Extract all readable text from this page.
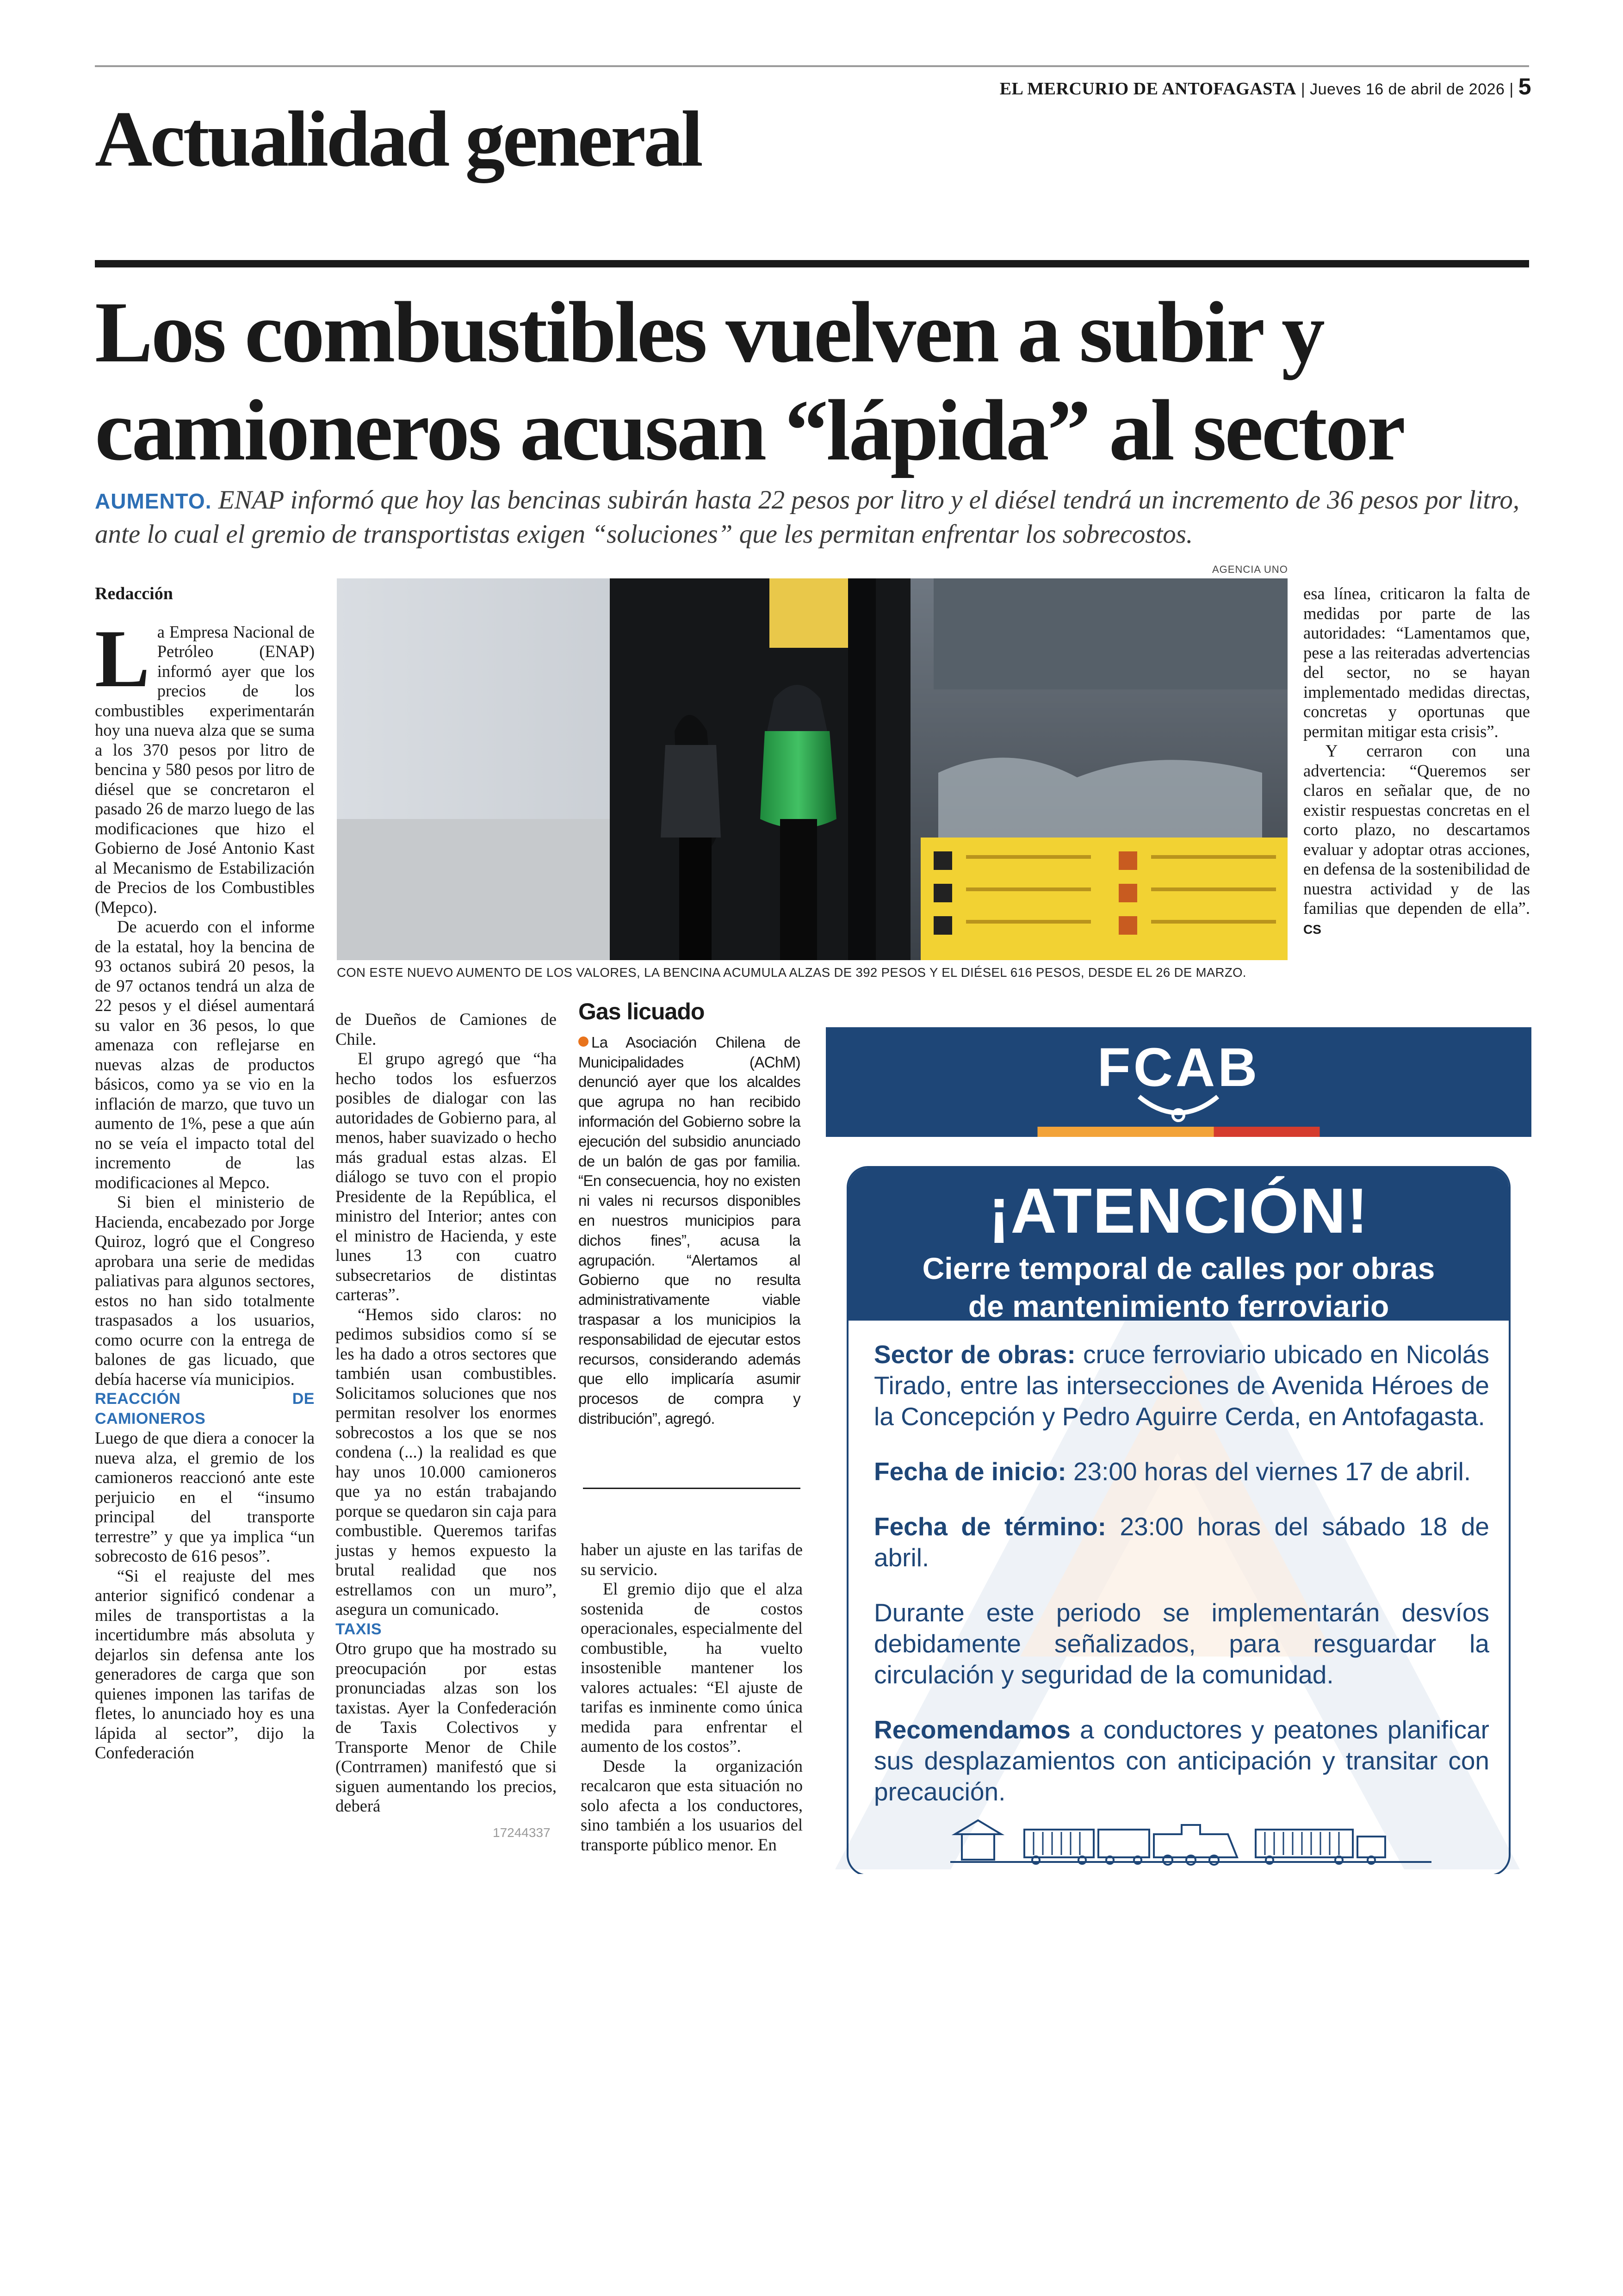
EL MERCURIO DE ANTOFAGASTA | Jueves 16 de abril de 2026 | 5
Actualidad general
Los combustibles vuelven a subir y camioneros acusan “lápida” al sector

AUMENTO. ENAP informó que hoy las bencinas subirán hasta 22 pesos por litro y el diésel tendrá un incremento de 36 pesos por litro, ante lo cual el gremio de transportistas exigen “soluciones” que les permitan enfrentar los sobrecostos.

Redacción

La Empresa Nacional de Petróleo (ENAP) informó ayer que los precios de los combustibles experimentarán hoy una nueva alza que se suma a los 370 pesos por litro de bencina y 580 pesos por litro de diésel que se concretaron el pasado 26 de marzo luego de las modificaciones que hizo el Gobierno de José Antonio Kast al Mecanismo de Estabilización de Precios de los Combustibles (Mepco).

De acuerdo con el informe de la estatal, hoy la bencina de 93 octanos subirá 20 pesos, la de 97 octanos tendrá un alza de 22 pesos y el diésel aumentará su valor en 36 pesos, lo que amenaza con reflejarse en nuevas alzas de productos básicos, como ya se vio en la inflación de marzo, que tuvo un aumento de 1%, pese a que aún no se veía el impacto total del incremento de las modificaciones al Mepco.

Si bien el ministerio de Hacienda, encabezado por Jorge Quiroz, logró que el Congreso aprobara una serie de medidas paliativas para algunos sectores, estos no han sido totalmente traspasados a los usuarios, como ocurre con la entrega de balones de gas licuado, que debía hacerse vía municipios.

REACCIÓN DE CAMIONEROS

Luego de que diera a conocer la nueva alza, el gremio de los camioneros reaccionó ante este perjuicio en el “insumo principal del transporte terrestre” y que ya implica “un sobrecosto de 616 pesos”.

“Si el reajuste del mes anterior significó condenar a miles de transportistas a la incertidumbre más absoluta y dejarlos sin defensa ante los generadores de carga que son quienes imponen las tarifas de fletes, lo anunciado hoy es una lápida al sector”, dijo la Confederación

AGENCIA UNO
CON ESTE NUEVO AUMENTO DE LOS VALORES, LA BENCINA ACUMULA ALZAS DE 392 PESOS Y EL DIÉSEL 616 PESOS, DESDE EL 26 DE MARZO.

esa línea, criticaron la falta de medidas por parte de las autoridades: “Lamentamos que, pese a las reiteradas advertencias del sector, no se hayan implementado medidas directas, concretas y oportunas que permitan mitigar esta crisis”.

Y cerraron con una advertencia: “Queremos ser claros en señalar que, de no existir respuestas concretas en el corto plazo, no descartamos evaluar y adoptar otras acciones, en defensa de la sostenibilidad de nuestra actividad y de las familias que dependen de ella”. CS

de Dueños de Camiones de Chile.

El grupo agregó que “ha hecho todos los esfuerzos posibles de dialogar con las autoridades de Gobierno para, al menos, haber suavizado o hecho más gradual estas alzas. El diálogo se tuvo con el propio Presidente de la República, el ministro del Interior; antes con el ministro de Hacienda, y este lunes 13 con cuatro subsecretarios de distintas carteras”.

“Hemos sido claros: no pedimos subsidios como sí se les ha dado a otros sectores que también usan combustibles. Solicitamos soluciones que nos permitan resolver los enormes sobrecostos a los que se nos condena (...) la realidad es que hay unos 10.000 camioneros que ya no están trabajando porque se quedaron sin caja para combustible. Queremos tarifas justas y hemos expuesto la brutal realidad que nos estrellamos con un muro”, asegura un comunicado.

TAXIS

Otro grupo que ha mostrado su preocupación por estas pronunciadas alzas son los taxistas. Ayer la Confederación de Taxis Colectivos y Transporte Menor de Chile (Contrramen) manifestó que si siguen aumentando los precios, deberá

17244337

Gas licuado

La Asociación Chilena de Municipalidades (AChM) denunció ayer que los alcaldes que agrupa no han recibido información del Gobierno sobre la ejecución del subsidio anunciado de un balón de gas por familia. “En consecuencia, hoy no existen ni vales ni recursos disponibles en nuestros municipios para dichos fines”, acusa la agrupación. “Alertamos al Gobierno que no resulta administrativamente viable traspasar a los municipios la responsabilidad de ejecutar estos recursos, considerando además que ello implicaría asumir procesos de compra y distribución”, agregó.

haber un ajuste en las tarifas de su servicio.

El gremio dijo que el alza sostenida de costos operacionales, especialmente del combustible, ha vuelto insostenible mantener los valores actuales: “El ajuste de tarifas es inminente como única medida para enfrentar el aumento de los costos”.

Desde la organización recalcaron que esta situación no solo afecta a los conductores, sino también a los usuarios del transporte público menor. En

FCAB
¡ATENCIÓN!
Cierre temporal de calles por obras
de mantenimiento ferroviario

Sector de obras: cruce ferroviario ubicado en Nicolás Tirado, entre las intersecciones de Avenida Héroes de la Concepción y Pedro Aguirre Cerda, en Antofagasta.

Fecha de inicio: 23:00 horas del viernes 17 de abril.

Fecha de término: 23:00 horas del sábado 18 de abril.

Durante este periodo se implementarán desvíos debidamente señalizados, para resguardar la circulación y seguridad de la comunidad.

Recomendamos a conductores y peatones planificar sus desplazamientos con anticipación y transitar con precaución.
